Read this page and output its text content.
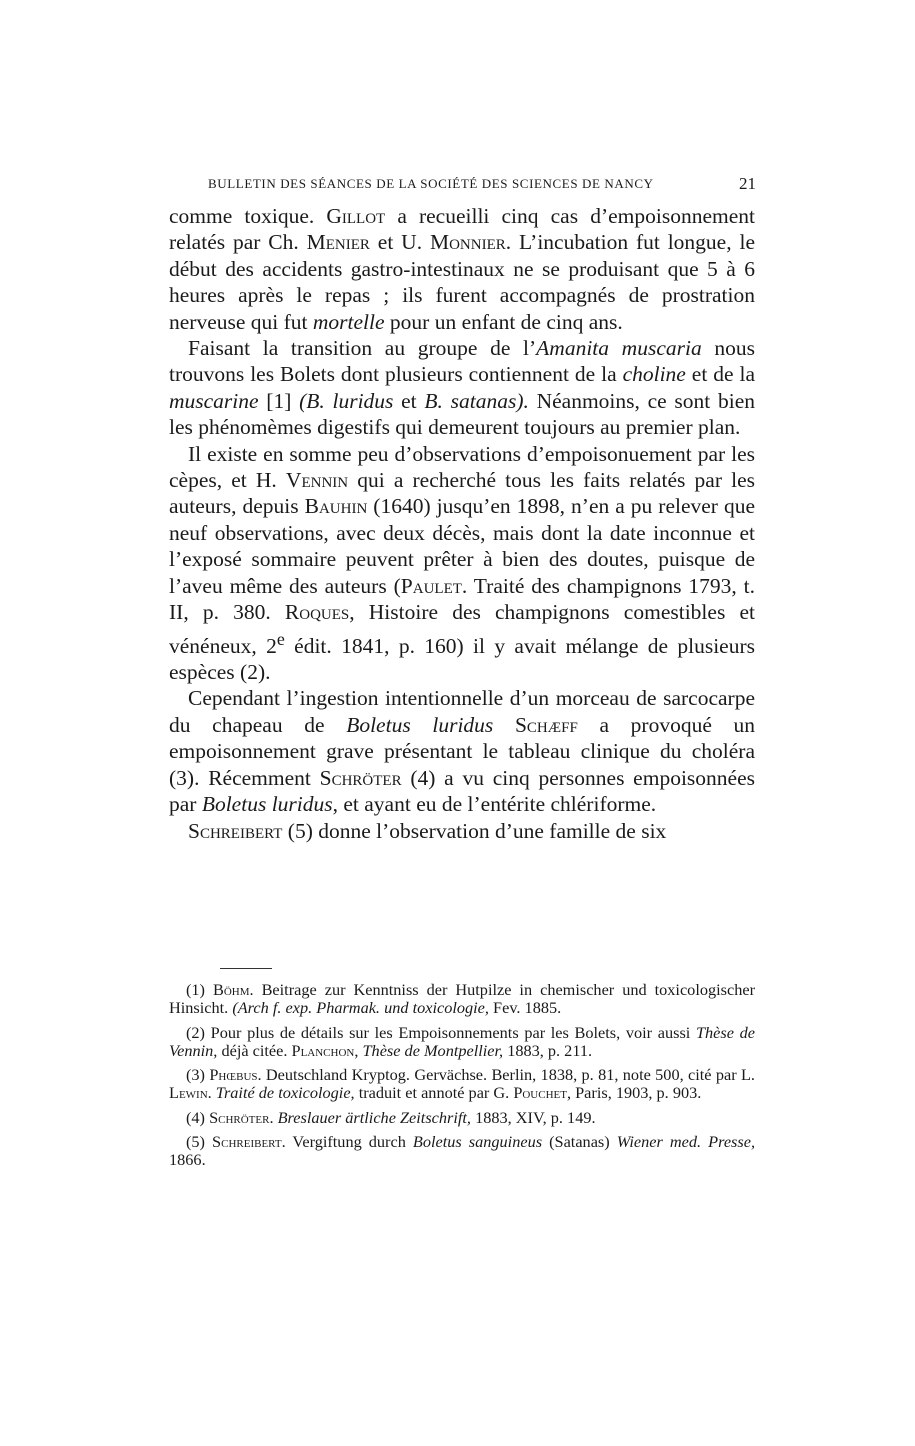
BULLETIN DES SÉANCES DE LA SOCIÉTÉ DES SCIENCES DE NANCY	21

comme toxique. Gillot a recueilli cinq cas d’empoisonnement relatés par Ch. Menier et U. Monnier. L’incubation fut longue, le début des accidents gastro-intestinaux ne se produisant que 5 à 6 heures après le repas ; ils furent accompagnés de prostration nerveuse qui fut mortelle pour un enfant de cinq ans.

Faisant la transition au groupe de l’Amanita muscaria nous trouvons les Bolets dont plusieurs contiennent de la choline et de la muscarine [1] (B. luridus et B. satanas). Néanmoins, ce sont bien les phénomèmes digestifs qui demeurent toujours au premier plan.

Il existe en somme peu d’observations d’empoisonuement par les cèpes, et H. Vennin qui a recherché tous les faits relatés par les auteurs, depuis Bauhin (1640) jusqu’en 1898, n’en a pu relever que neuf observations, avec deux décès, mais dont la date inconnue et l’exposé sommaire peuvent prêter à bien des doutes, puisque de l’aveu même des auteurs (Paulet. Traité des champignons 1793, t. II, p. 380. Roques, Histoire des champignons comestibles et vénéneux, 2e édit. 1841, p. 160) il y avait mélange de plusieurs espèces (2).

Cependant l’ingestion intentionnelle d’un morceau de sarcocarpe du chapeau de Boletus luridus Schæff a provoqué un empoisonnement grave présentant le tableau clinique du choléra (3). Récemment Schröter (4) a vu cinq personnes empoisonnées par Boletus luridus, et ayant eu de l’entérite chlériforme.

Schreibert (5) donne l’observation d’une famille de six

(1) Böhm. Beitrage zur Kenntniss der Hutpilze in chemischer und toxicologischer Hinsicht. (Arch f. exp. Pharmak. und toxicologie, Fev. 1885.

(2) Pour plus de détails sur les Empoisonnements par les Bolets, voir aussi Thèse de Vennin, déjà citée. Planchon, Thèse de Montpellier, 1883, p. 211.

(3) Phœbus. Deutschland Kryptog. Gervächse. Berlin, 1838, p. 81, note 500, cité par L. Lewin. Traité de toxicologie, traduit et annoté par G. Pouchet, Paris, 1903, p. 903.

(4) Schröter. Breslauer ärtliche Zeitschrift, 1883, XIV, p. 149.

(5) Schreibert. Vergiftung durch Boletus sanguineus (Satanas) Wiener med. Presse, 1866.
